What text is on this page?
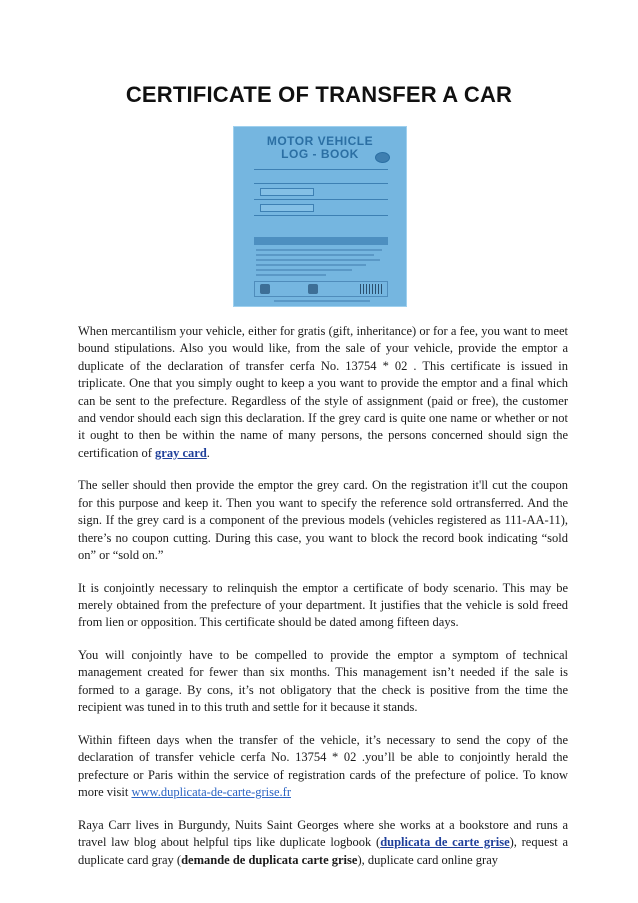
CERTIFICATE OF TRANSFER A CAR
MOTOR VEHICLE
LOG - BOOK

When mercantilism your vehicle, either for gratis (gift, inheritance) or for a fee, you want to meet bound stipulations. Also you would like, from the sale of your vehicle, provide the emptor a duplicate of the declaration of transfer cerfa No. 13754 * 02 . This certificate is issued in triplicate. One that you simply ought to keep a you want to provide the emptor and a final which can be sent to the prefecture. Regardless of the style of assignment (paid or free), the customer and vendor should each sign this declaration. If the grey card is quite one name or whether or not it ought to then be within the name of many persons, the persons concerned should sign the certification of gray card.

The seller should then provide the emptor the grey card. On the registration it'll cut the coupon for this purpose and keep it. Then you want to specify the reference sold ortransferred. And the sign. If the grey card is a component of the previous models (vehicles registered as 111-AA-11), there’s no coupon cutting. During this case, you want to block the record book indicating “sold on” or “sold on.”

It is conjointly necessary to relinquish the emptor a certificate of body scenario. This may be merely obtained from the prefecture of your department. It justifies that the vehicle is sold freed from lien or opposition. This certificate should be dated among fifteen days.

You will conjointly have to be compelled to provide the emptor a symptom of technical management created for fewer than six months. This management isn’t needed if the sale is formed to a garage. By cons, it’s not obligatory that the check is positive from the time the recipient was tuned in to this truth and settle for it because it stands.

Within fifteen days when the transfer of the vehicle, it’s necessary to send the copy of the declaration of transfer vehicle cerfa No. 13754 * 02 .you’ll be able to conjointly herald the prefecture or Paris within the service of registration cards of the prefecture of police. To know more visit www.duplicata-de-carte-grise.fr

Raya Carr lives in Burgundy, Nuits Saint Georges where she works at a bookstore and runs a travel law blog about helpful tips like duplicate logbook (duplicata de carte grise), request a duplicate card gray (demande de duplicata carte grise), duplicate card online gray
